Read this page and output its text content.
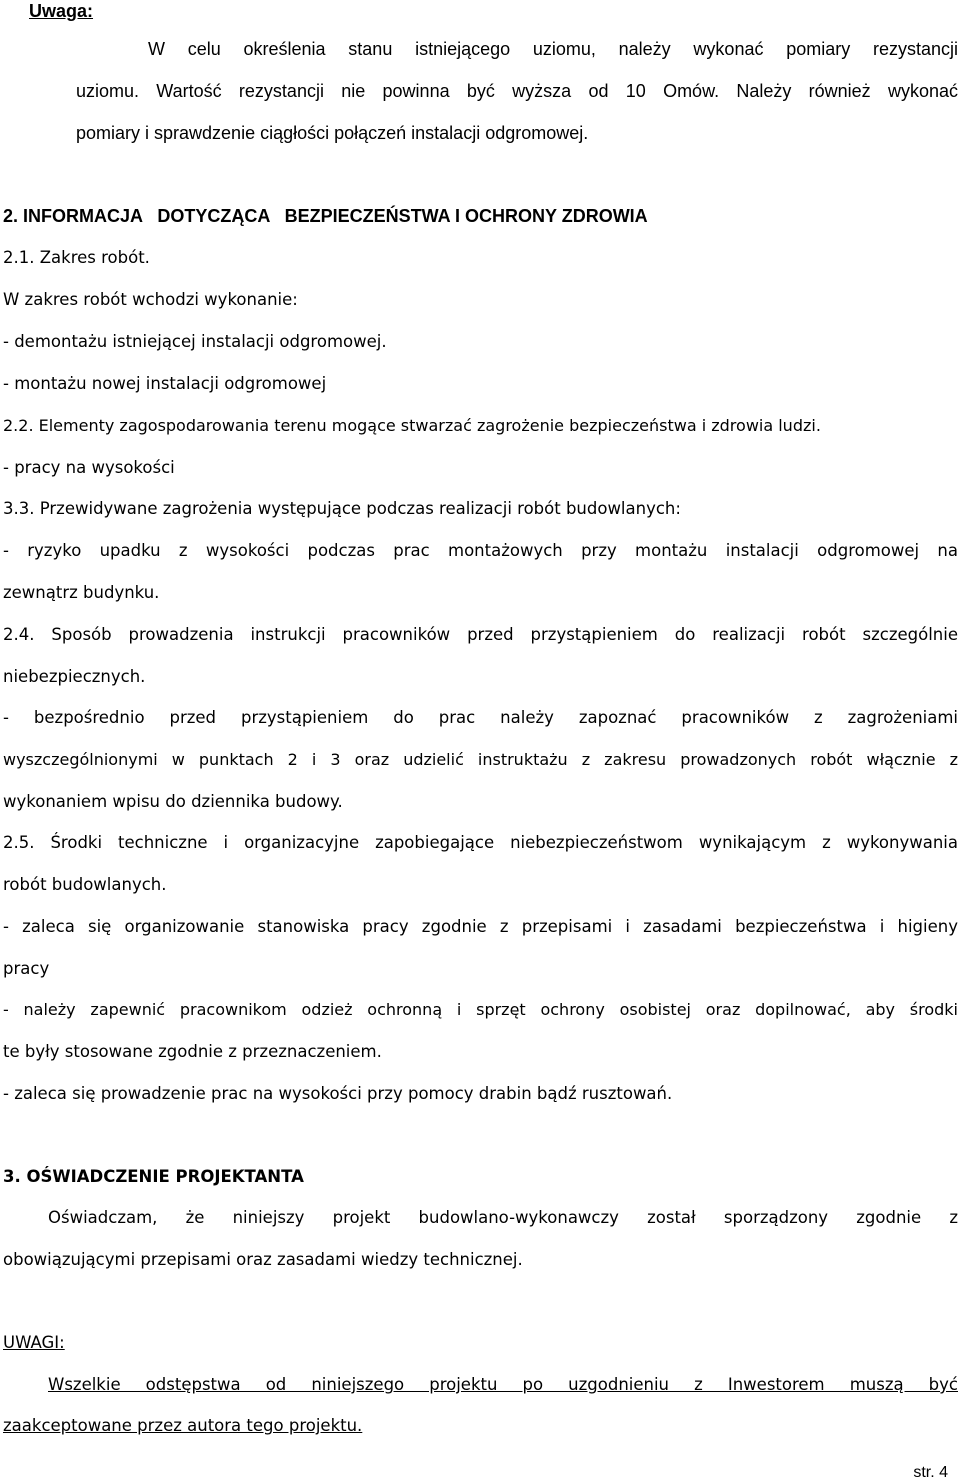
Uwaga:
W celu określenia stanu istniejącego uziomu, należy wykonać pomiary rezystancji
uziomu. Wartość rezystancji nie powinna być wyższa od 10 Omów. Należy również wykonać
pomiary i sprawdzenie ciągłości połączeń instalacji odgromowej.
2. INFORMACJA   DOTYCZĄCA   BEZPIECZEŃSTWA I OCHRONY ZDROWIA
2.1. Zakres robót.
W zakres robót wchodzi wykonanie:
- demontażu istniejącej instalacji odgromowej.
- montażu nowej instalacji odgromowej
2.2. Elementy zagospodarowania terenu mogące stwarzać zagrożenie bezpieczeństwa i zdrowia ludzi.
- pracy na wysokości
3.3. Przewidywane zagrożenia występujące podczas realizacji robót budowlanych:
- ryzyko upadku z wysokości podczas prac montażowych przy montażu instalacji odgromowej na
zewnątrz budynku.
2.4. Sposób prowadzenia instrukcji pracowników przed przystąpieniem do realizacji robót szczególnie
niebezpiecznych.
- bezpośrednio przed przystąpieniem do prac należy zapoznać pracowników z zagrożeniami
wyszczególnionymi w punktach 2 i 3 oraz udzielić instruktażu z zakresu prowadzonych robót włącznie z
wykonaniem wpisu do dziennika budowy.
2.5. Środki techniczne i organizacyjne zapobiegające niebezpieczeństwom wynikającym z wykonywania
robót budowlanych.
- zaleca się organizowanie stanowiska pracy zgodnie z przepisami i zasadami bezpieczeństwa i higieny
pracy
- należy zapewnić pracownikom odzież ochronną i sprzęt ochrony osobistej oraz dopilnować, aby środki
te były stosowane zgodnie z przeznaczeniem.
- zaleca się prowadzenie prac na wysokości przy pomocy drabin bądź rusztowań.
3. OŚWIADCZENIE PROJEKTANTA
Oświadczam, że niniejszy projekt budowlano-wykonawczy został sporządzony zgodnie z
obowiązującymi przepisami oraz zasadami wiedzy technicznej.
UWAGI:
Wszelkie odstępstwa od niniejszego projektu po uzgodnieniu z Inwestorem muszą być
zaakceptowane przez autora tego projektu.
str. 4
